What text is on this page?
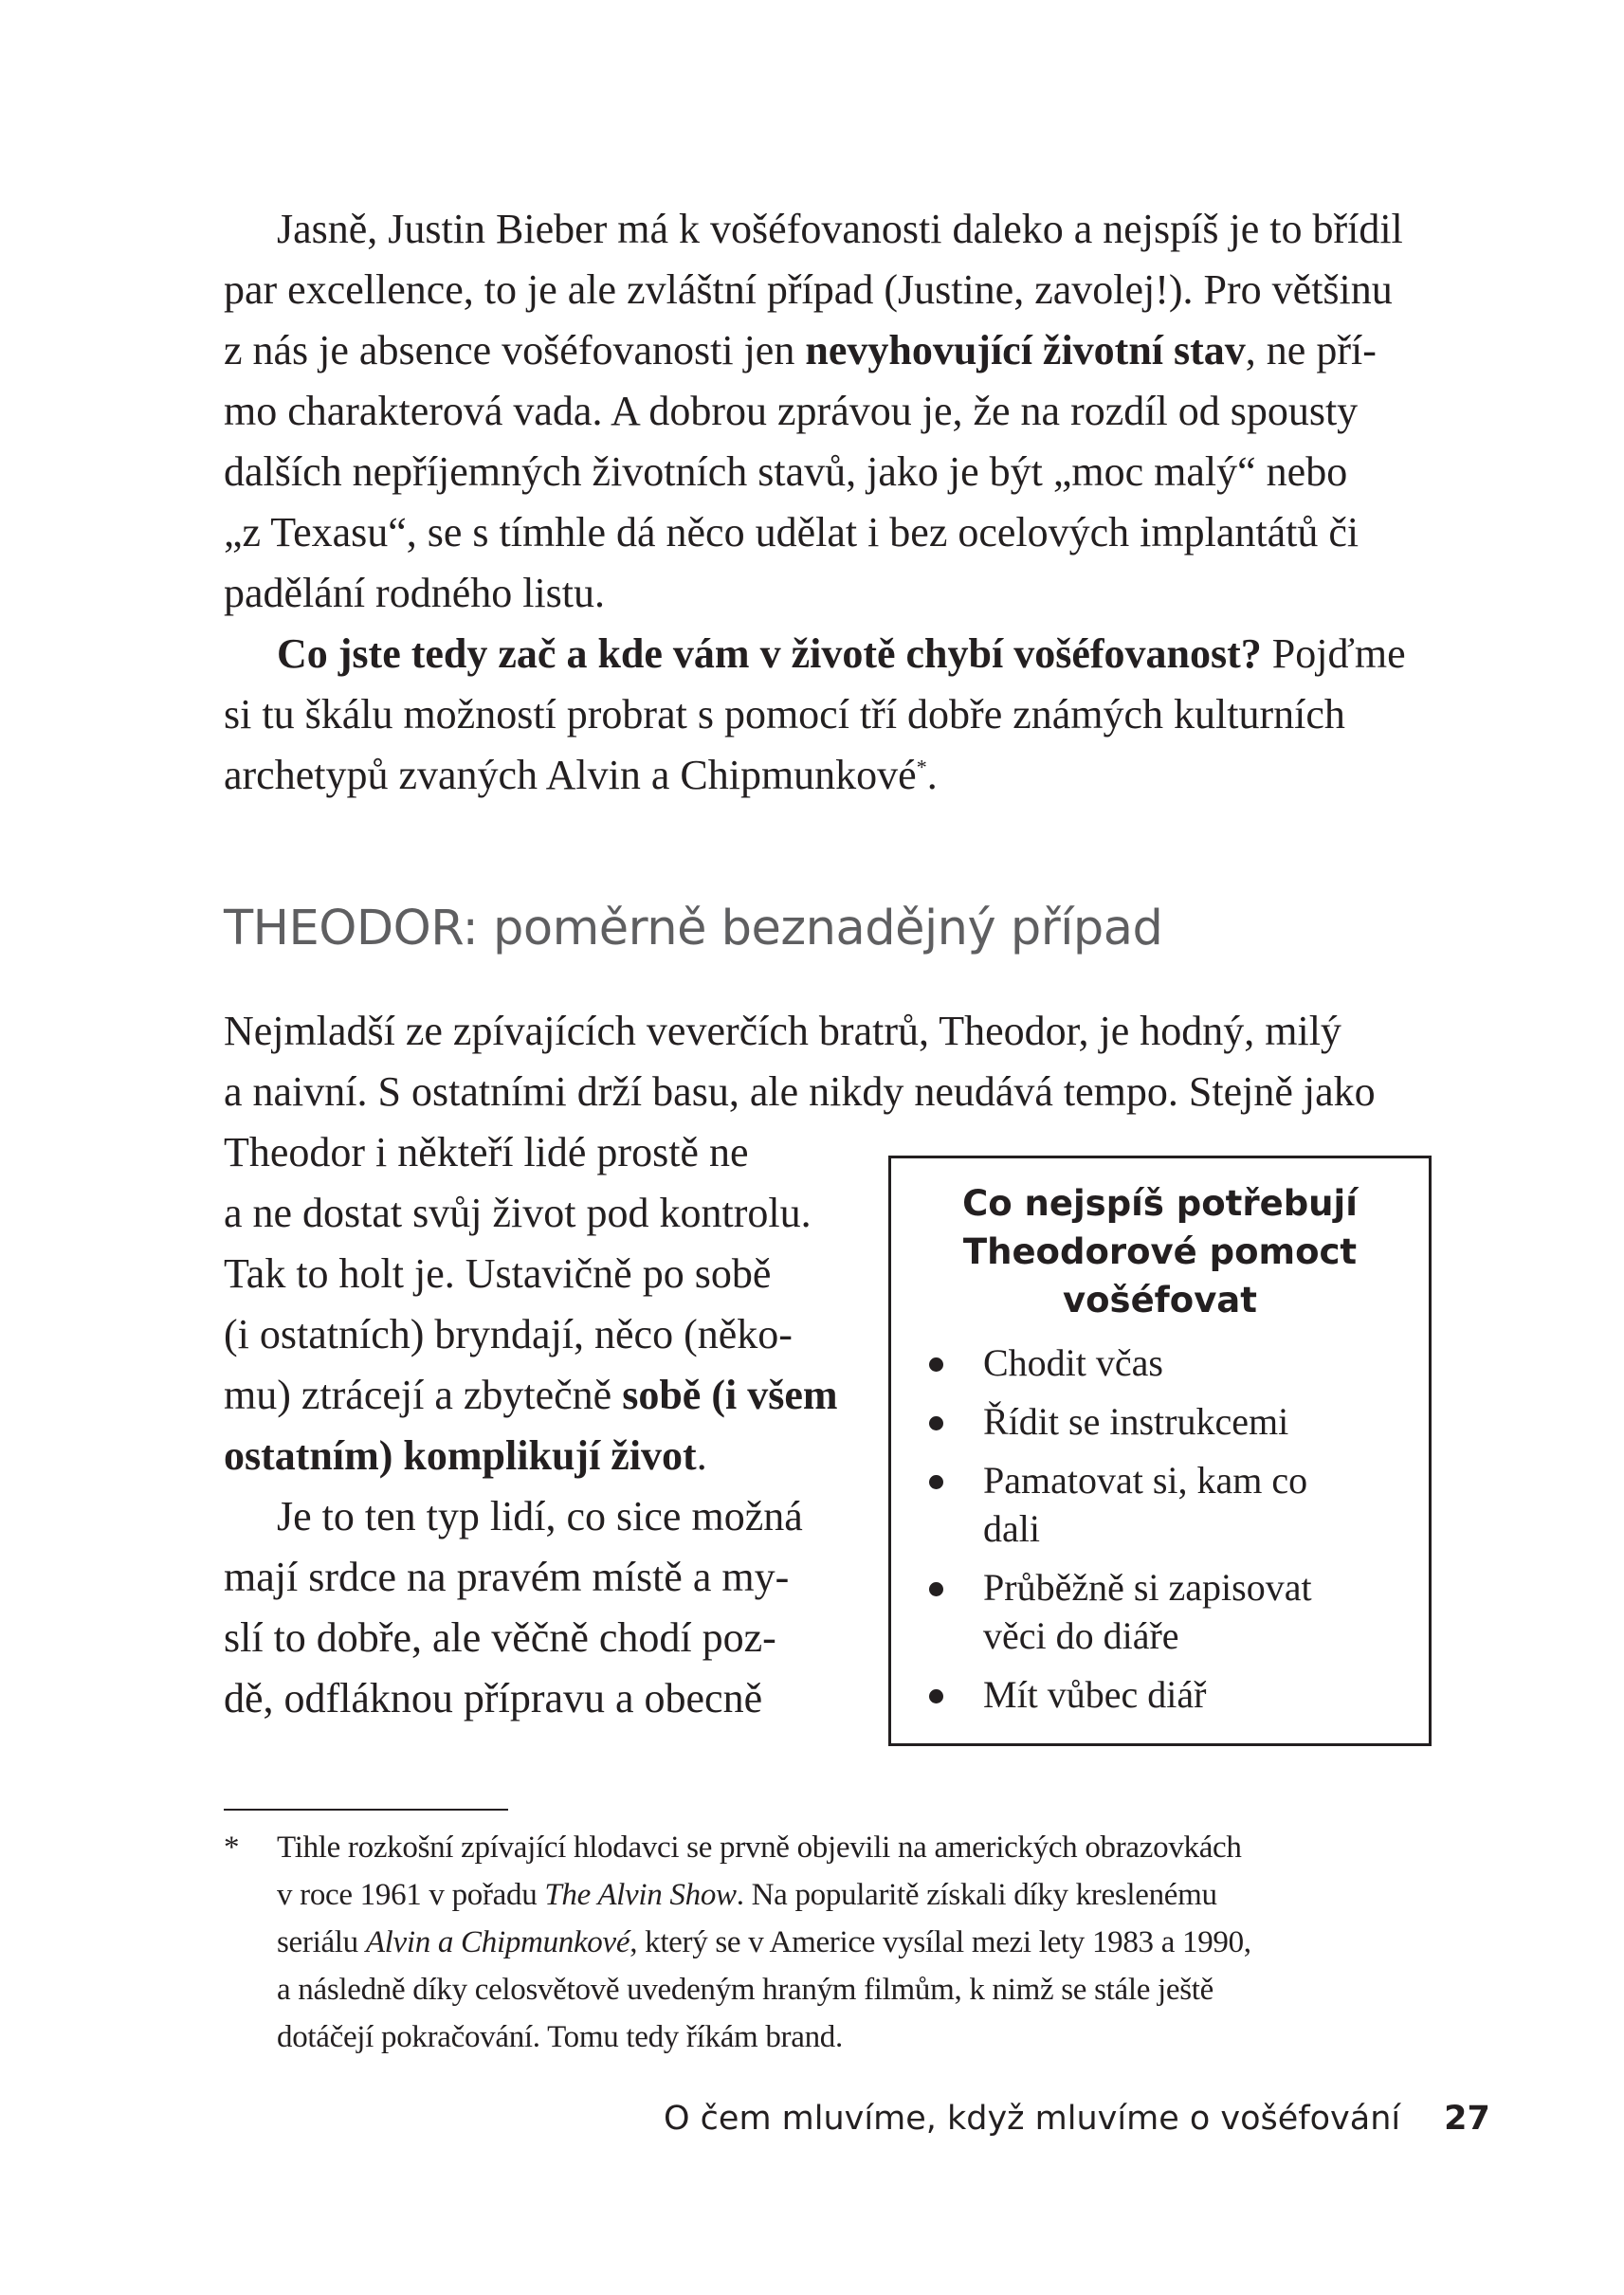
Jasně, Justin Bieber má k vošéfovanosti daleko a nejspíš je to břídil
par excellence, to je ale zvláštní případ (Justine, zavolej!). Pro většinu
z nás je absence vošéfovanosti jen nevyhovující životní stav, ne pří-
mo charakterová vada. A dobrou zprávou je, že na rozdíl od spousty
dalších nepříjemných životních stavů, jako je být „moc malý“ nebo
„z Texasu“, se s tímhle dá něco udělat i bez ocelových implantátů či
padělání rodného listu.

Co jste tedy zač a kde vám v životě chybí vošéfovanost? Pojďme
si tu škálu možností probrat s pomocí tří dobře známých kulturních
archetypů zvaných Alvin a Chipmunkové*.

THEODOR: poměrně beznadějný případ

Nejmladší ze zpívajících veverčích bratrů, Theodor, je hodný, milý
a naivní. S ostatními drží basu, ale nikdy neudává tempo. Stejně jako
Theodor i někteří lidé prostě ne
a ne dostat svůj život pod kontrolu.
Tak to holt je. Ustavičně po sobě
(i ostatních) bryndají, něco (něko-
mu) ztrácejí a zbytečně sobě (i všem
ostatním) komplikují život.

Je to ten typ lidí, co sice možná
mají srdce na pravém místě a my-
slí to dobře, ale věčně chodí poz-
dě, odfláknou přípravu a obecně

Co nejspíš potřebují
Theodorové pomoct
vošéfovat
Chodit včas
Řídit se instrukcemi
Pamatovat si, kam co
dali
Průběžně si zapisovat
věci do diáře
Mít vůbec diář
* Tihle rozkošní zpívající hlodavci se prvně objevili na amerických obrazovkách
v roce 1961 v pořadu The Alvin Show. Na popularitě získali díky kreslenému
seriálu Alvin a Chipmunkové, který se v Americe vysílal mezi lety 1983 a 1990,
a následně díky celosvětově uvedeným hraným filmům, k nimž se stále ještě
dotáčejí pokračování. Tomu tedy říkám brand.

O čem mluvíme, když mluvíme o vošéfování 27
